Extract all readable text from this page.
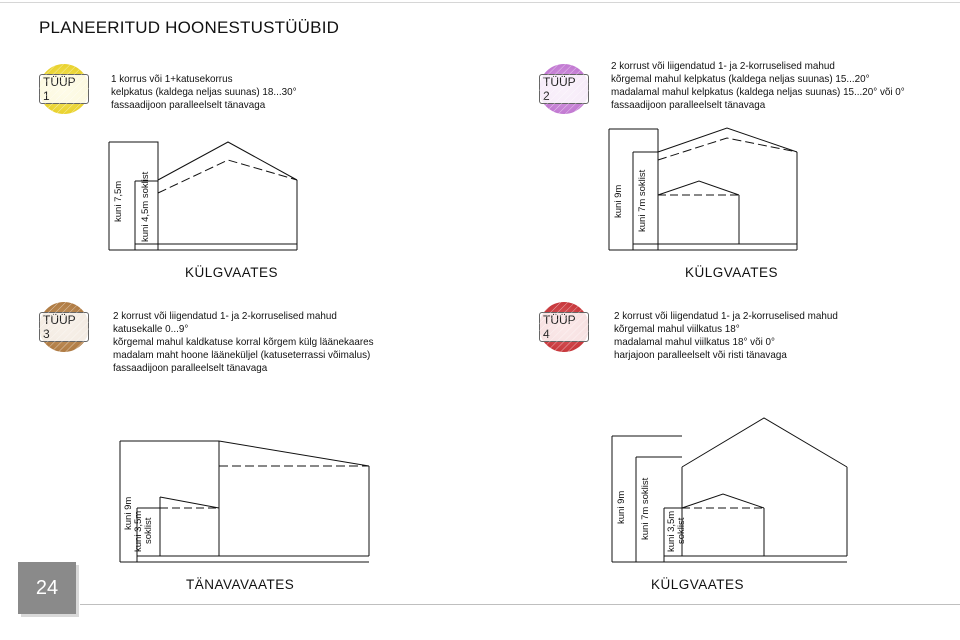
PLANEERITUD HOONESTUSTÜÜBID
1 korrus või 1+katusekorrus
kelpkatus (kaldega neljas suunas) 18...30°
fassaadijoon paralleelselt tänavaga
KÜLGVAATES
2 korrust või liigendatud 1- ja 2-korruselised mahud
kõrgemal mahul kelpkatus (kaldega neljas suunas) 15...20°
madalamal mahul kelpkatus (kaldega neljas suunas) 15...20° või 0°
fassaadijoon paralleelselt tänavaga
KÜLGVAATES
2 korrust või liigendatud 1- ja 2-korruselised mahud
katusekalle 0...9°
kõrgemal mahul kaldkatuse korral kõrgem külg läänekaares
madalam maht hoone lääneküljel (katuseterrassi võimalus)
fassaadijoon paralleelselt tänavaga
TÄNAVAVAATES
2 korrust või liigendatud 1- ja 2-korruselised mahud
kõrgemal mahul viilkatus 18°
madalamal mahul viilkatus 18° või 0°
harjajoon paralleelselt või risti tänavaga
KÜLGVAATES
kuni 7,5m kuni 4,5m soklist	kuni 9m kuni 7m soklist
kuni 9m kuni 3,5m soklist
kuni 9m kuni 7m soklist kuni 3,5m soklist
24
